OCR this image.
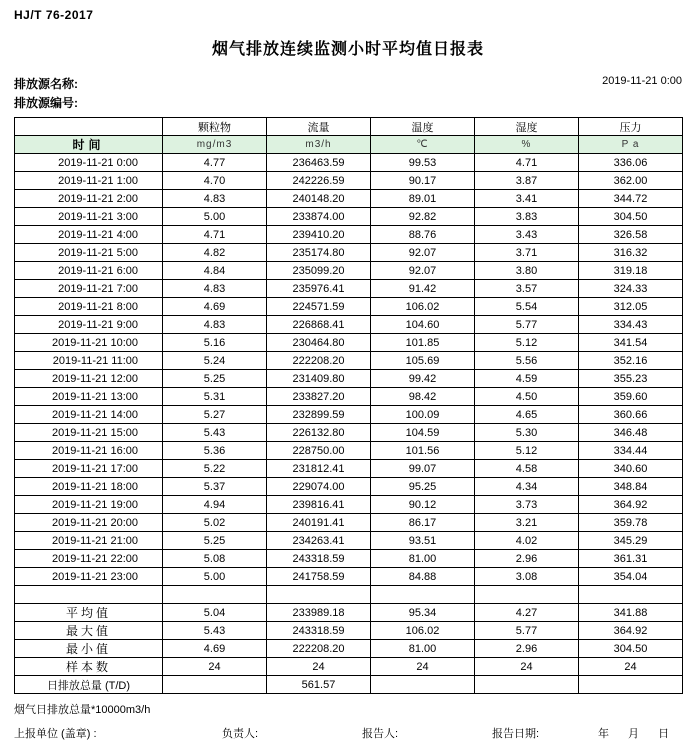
HJ/T 76-2017
烟气排放连续监测小时平均值日报表
排放源名称:
排放源编号:
2019-11-21 0:00
	颗粒物	流量	温度	湿度	压力
时间	mg/m3	m3/h	℃	%	P a
2019-11-21 0:00	4.77	236463.59	99.53	4.71	336.06
2019-11-21 1:00	4.70	242226.59	90.17	3.87	362.00
2019-11-21 2:00	4.83	240148.20	89.01	3.41	344.72
2019-11-21 3:00	5.00	233874.00	92.82	3.83	304.50
2019-11-21 4:00	4.71	239410.20	88.76	3.43	326.58
2019-11-21 5:00	4.82	235174.80	92.07	3.71	316.32
2019-11-21 6:00	4.84	235099.20	92.07	3.80	319.18
2019-11-21 7:00	4.83	235976.41	91.42	3.57	324.33
2019-11-21 8:00	4.69	224571.59	106.02	5.54	312.05
2019-11-21 9:00	4.83	226868.41	104.60	5.77	334.43
2019-11-21 10:00	5.16	230464.80	101.85	5.12	341.54
2019-11-21 11:00	5.24	222208.20	105.69	5.56	352.16
2019-11-21 12:00	5.25	231409.80	99.42	4.59	355.23
2019-11-21 13:00	5.31	233827.20	98.42	4.50	359.60
2019-11-21 14:00	5.27	232899.59	100.09	4.65	360.66
2019-11-21 15:00	5.43	226132.80	104.59	5.30	346.48
2019-11-21 16:00	5.36	228750.00	101.56	5.12	334.44
2019-11-21 17:00	5.22	231812.41	99.07	4.58	340.60
2019-11-21 18:00	5.37	229074.00	95.25	4.34	348.84
2019-11-21 19:00	4.94	239816.41	90.12	3.73	364.92
2019-11-21 20:00	5.02	240191.41	86.17	3.21	359.78
2019-11-21 21:00	5.25	234263.41	93.51	4.02	345.29
2019-11-21 22:00	5.08	243318.59	81.00	2.96	361.31
2019-11-21 23:00	5.00	241758.59	84.88	3.08	354.04

平均值	5.04	233989.18	95.34	4.27	341.88
最大值	5.43	243318.59	106.02	5.77	364.92
最小值	4.69	222208.20	81.00	2.96	304.50
样本数	24	24	24	24	24
日排放总量 (T/D)		561.57			
烟气日排放总量*10000m3/h
上报单位 (盖章) :	负责人:	报告人:	报告日期:	年 月 日
